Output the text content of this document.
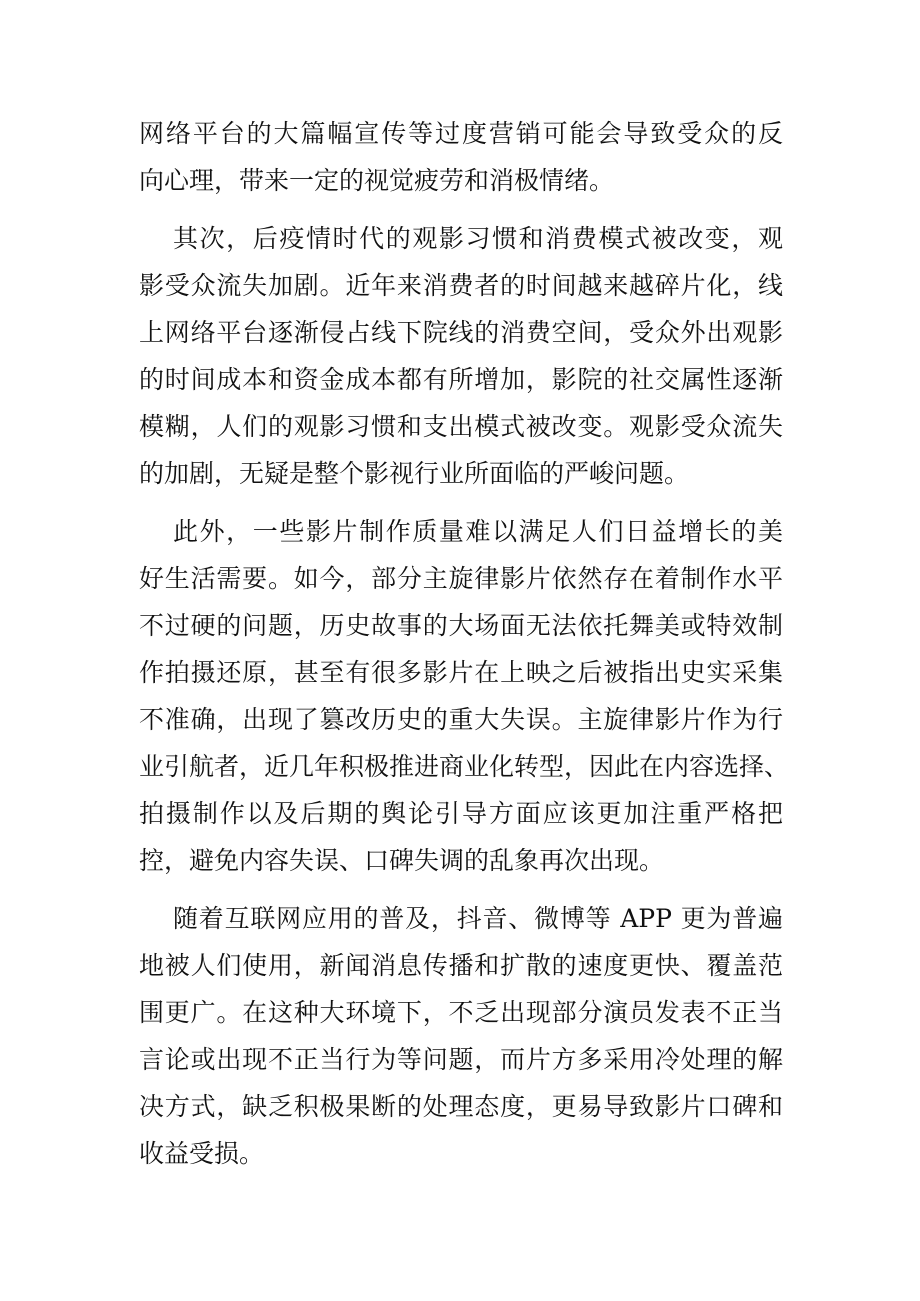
网络平台的大篇幅宣传等过度营销可能会导致受众的反
向心理，带来一定的视觉疲劳和消极情绪。

其次，后疫情时代的观影习惯和消费模式被改变，观
影受众流失加剧。近年来消费者的时间越来越碎片化，线
上网络平台逐渐侵占线下院线的消费空间，受众外出观影
的时间成本和资金成本都有所增加，影院的社交属性逐渐
模糊，人们的观影习惯和支出模式被改变。观影受众流失
的加剧，无疑是整个影视行业所面临的严峻问题。

此外，一些影片制作质量难以满足人们日益增长的美
好生活需要。如今，部分主旋律影片依然存在着制作水平
不过硬的问题，历史故事的大场面无法依托舞美或特效制
作拍摄还原，甚至有很多影片在上映之后被指出史实采集
不准确，出现了篡改历史的重大失误。主旋律影片作为行
业引航者，近几年积极推进商业化转型，因此在内容选择、
拍摄制作以及后期的舆论引导方面应该更加注重严格把
控，避免内容失误、口碑失调的乱象再次出现。

随着互联网应用的普及，抖音、微博等 APP 更为普遍
地被人们使用，新闻消息传播和扩散的速度更快、覆盖范
围更广。在这种大环境下，不乏出现部分演员发表不正当
言论或出现不正当行为等问题，而片方多采用冷处理的解
决方式，缺乏积极果断的处理态度，更易导致影片口碑和
收益受损。
